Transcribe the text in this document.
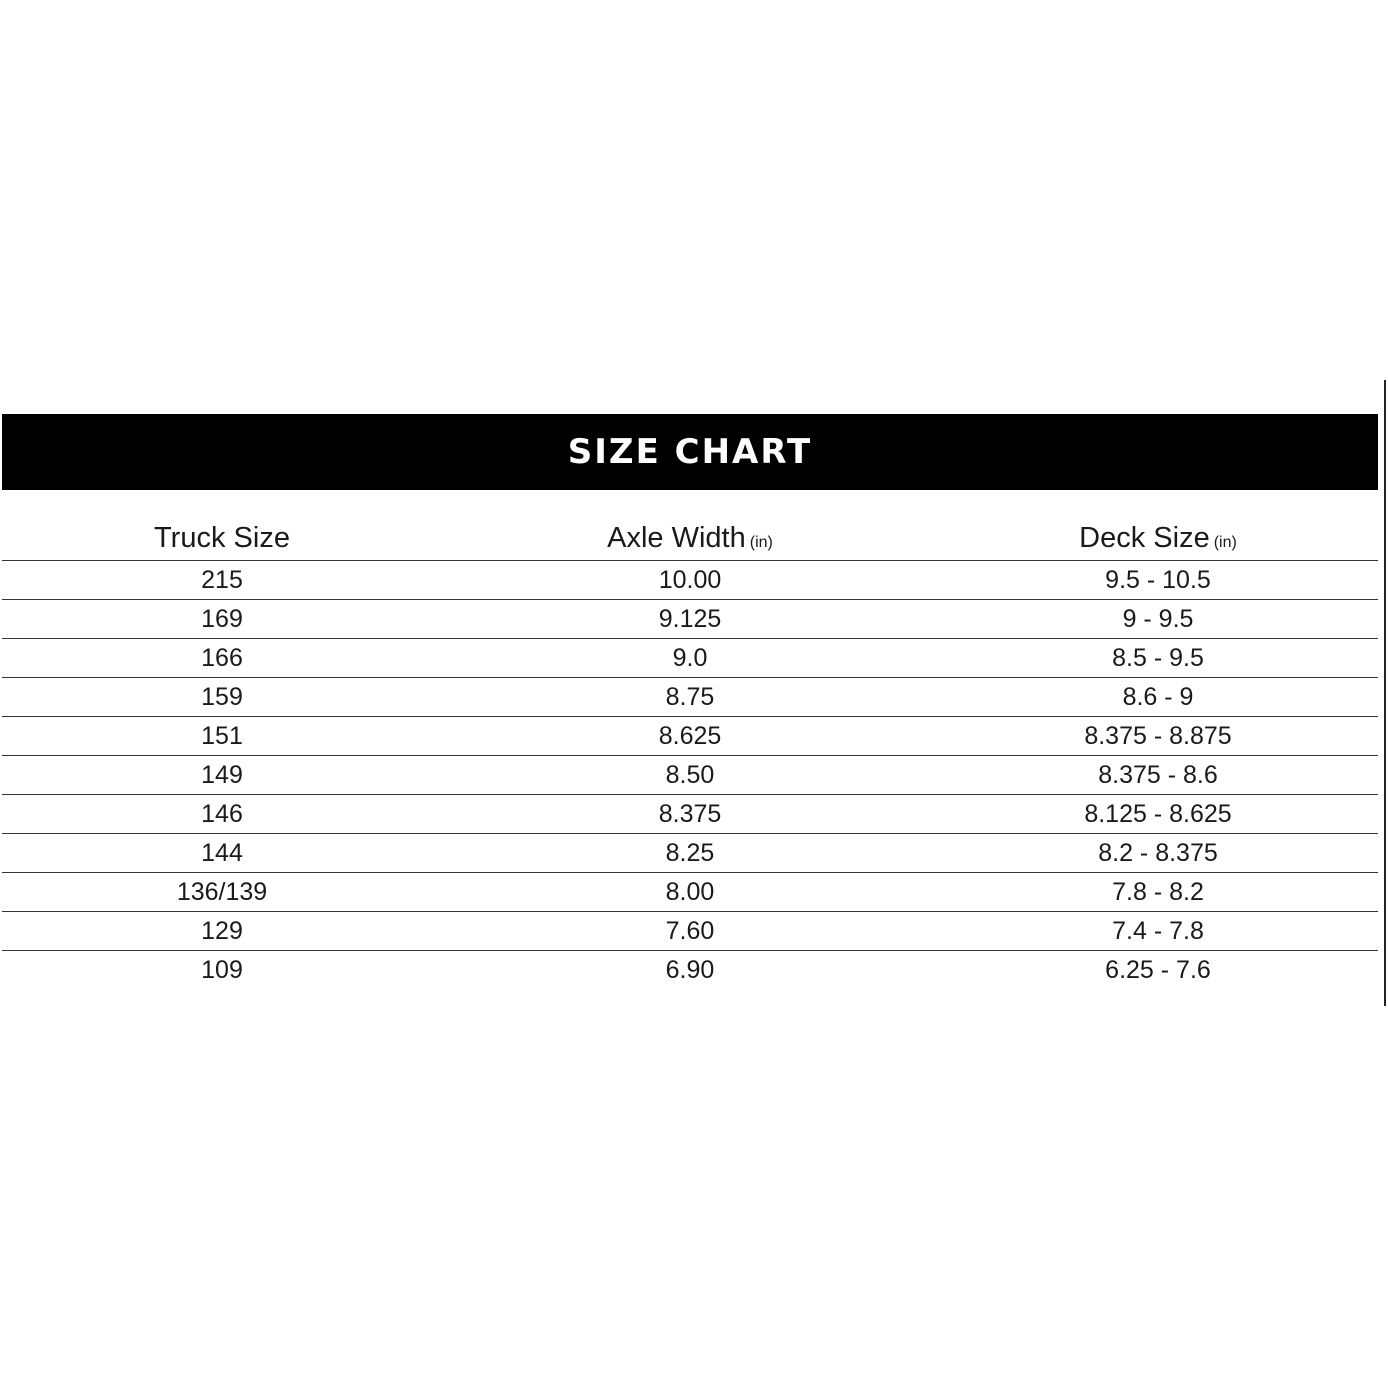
SIZE CHART
Truck Size	Axle Width (in)	Deck Size (in)
215	10.00	9.5 - 10.5
169	9.125	9 - 9.5
166	9.0	8.5 - 9.5
159	8.75	8.6 - 9
151	8.625	8.375 - 8.875
149	8.50	8.375 - 8.6
146	8.375	8.125 - 8.625
144	8.25	8.2 - 8.375
136/139	8.00	7.8 - 8.2
129	7.60	7.4 - 7.8
109	6.90	6.25 - 7.6
